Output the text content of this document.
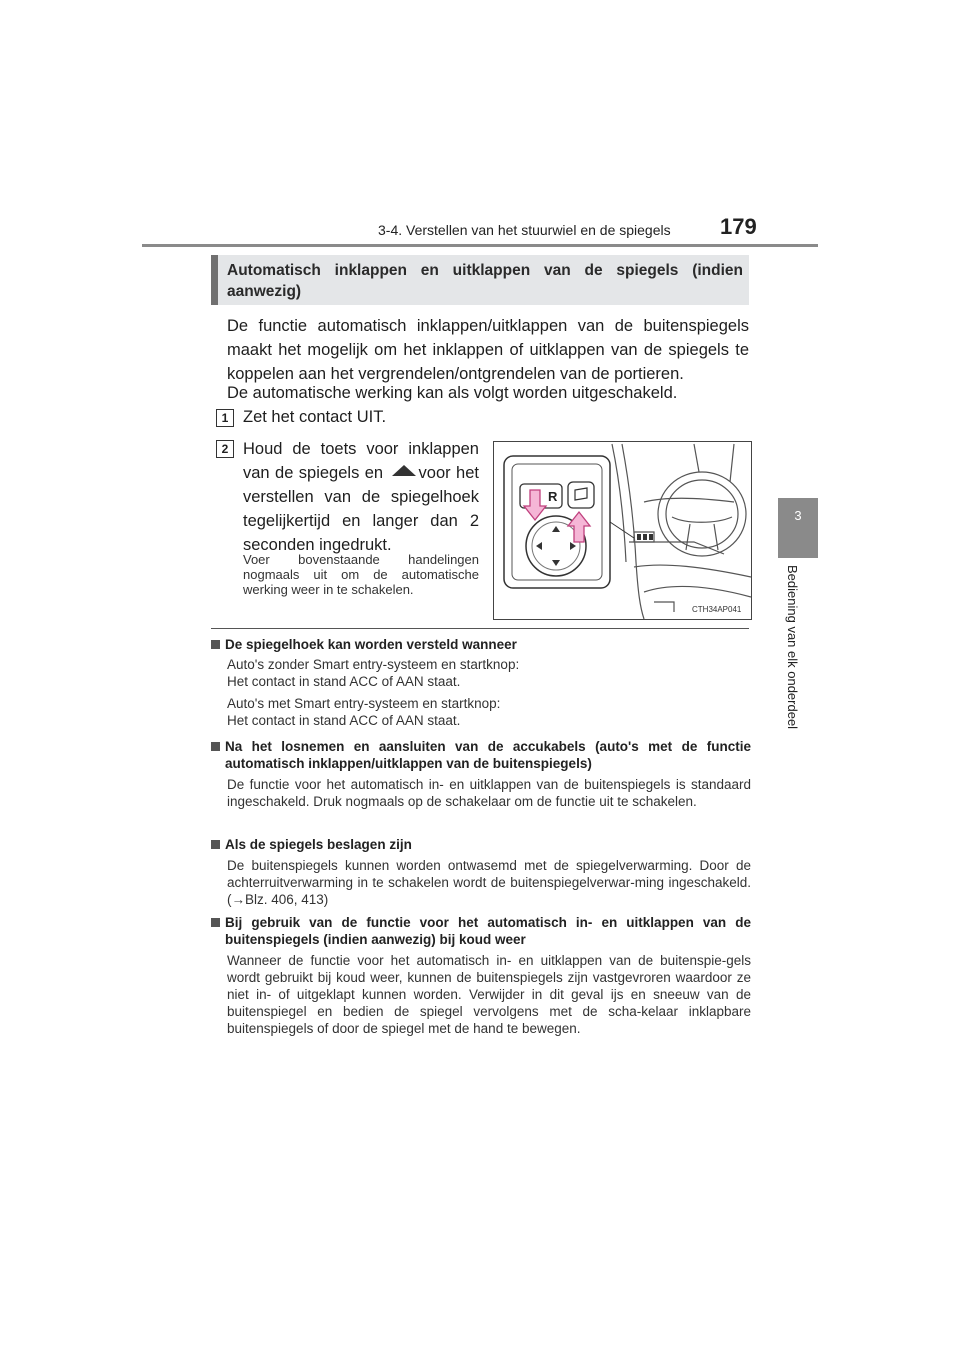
3-4. Verstellen van het stuurwiel en de spiegels 179
3
Bediening van elk onderdeel
Automatisch inklappen en uitklappen van de spiegels (indien aanwezig)
De functie automatisch inklappen/uitklappen van de buitenspiegels maakt het mogelijk om het inklappen of uitklappen van de spiegels te koppelen aan het vergrendelen/ontgrendelen van de portieren.
De automatische werking kan als volgt worden uitgeschakeld.
1 Zet het contact UIT.
2 Houd de toets voor inklappen van de spiegels en voor het verstellen van de spiegelhoek tegelijkertijd en langer dan 2 seconden ingedrukt.
Voer bovenstaande handelingen nogmaals uit om de automatische werking weer in te schakelen.
R
CTH34AP041
De spiegelhoek kan worden versteld wanneer
Auto's zonder Smart entry-systeem en startknop:
Het contact in stand ACC of AAN staat.
Auto's met Smart entry-systeem en startknop:
Het contact in stand ACC of AAN staat.
Na het losnemen en aansluiten van de accukabels (auto's met de functie automatisch inklappen/uitklappen van de buitenspiegels)
De functie voor het automatisch in- en uitklappen van de buitenspiegels is standaard ingeschakeld. Druk nogmaals op de schakelaar om de functie uit te schakelen.
Als de spiegels beslagen zijn
De buitenspiegels kunnen worden ontwasemd met de spiegelverwarming. Door de achterruitverwarming in te schakelen wordt de buitenspiegelverwar-ming ingeschakeld. (→Blz. 406, 413)
Bij gebruik van de functie voor het automatisch in- en uitklappen van de buitenspiegels (indien aanwezig) bij koud weer
Wanneer de functie voor het automatisch in- en uitklappen van de buitenspie-gels wordt gebruikt bij koud weer, kunnen de buitenspiegels zijn vastgevroren waardoor ze niet in- of uitgeklapt kunnen worden. Verwijder in dit geval ijs en sneeuw van de buitenspiegel en bedien de spiegel vervolgens met de scha-kelaar inklapbare buitenspiegels of door de spiegel met de hand te bewegen.
